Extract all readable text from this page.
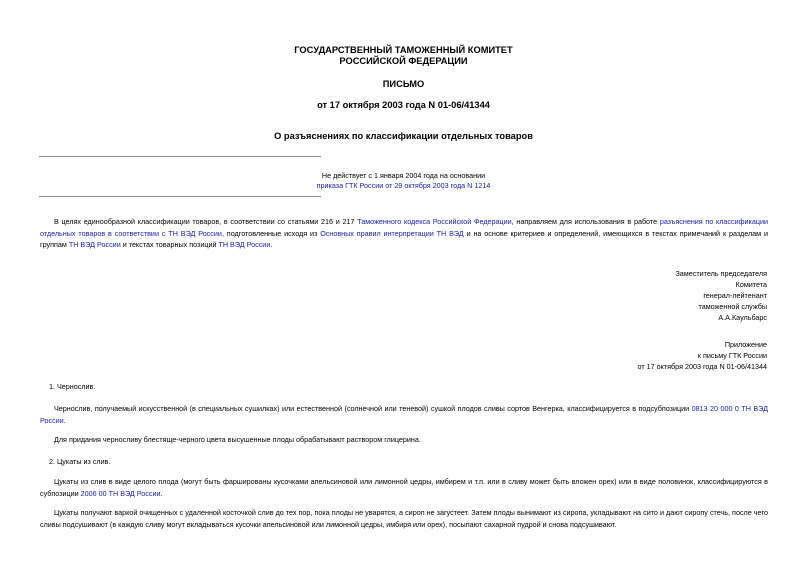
ГОСУДАРСТВЕННЫЙ ТАМОЖЕННЫЙ КОМИТЕТ
РОССИЙСКОЙ ФЕДЕРАЦИИ
ПИСЬМО
от 17 октября 2003 года N 01-06/41344
О разъяснениях по классификации отдельных товаров
Не действует с 1 января 2004 года на основании
приказа ГТК России от 29 октября 2003 года N 1214
В целях единообразной классификации товаров, в соответствии со статьями 216 и 217 Таможенного кодекса Российской Федерации, направляем для использования в работе разъяснения по классификации отдельных товаров в соответствии с ТН ВЭД России, подготовленные исходя из Основных правил интерпретации ТН ВЭД и на основе критериев и определений, имеющихся в текстах примечаний к разделам и группам ТН ВЭД России и текстах товарных позиций ТН ВЭД России.
Заместитель председателя
Комитета
генерал-лейтенант
таможенной службы
А.А.Каульбарс
Приложение
к письму ГТК России
от 17 октября 2003 года N 01-06/41344
1. Чернослив.
Чернослив, получаемый искусственной (в специальных сушилках) или естественной (солнечной или теневой) сушкой плодов сливы сортов Венгерка, классифицируется в подсубпозиции 0813 20 000 0 ТН ВЭД России.
Для придания черносливу блестяще-черного цвета высушенные плоды обрабатывают раствором глицерина.
2. Цукаты из слив.
Цукаты из слив в виде целого плода (могут быть фаршированы кусочками апельсиновой или лимонной цедры, имбирем и т.п. или в сливу может быть вложен орех) или в виде половинок, классифицируются в субпозиции 2006 00 ТН ВЭД России.
Цукаты получают варкой очищенных с удаленной косточкой слив до тех пор, пока плоды не уварятся, а сироп не загустеет. Затем плоды вынимают из сиропа, укладывают на сито и дают сиропу стечь, после чего сливы подсушивают (в каждую сливу могут вкладываться кусочки апельсиновой или лимонной цедры, имбиря или орех), посыпают сахарной пудрой и снова подсушивают.
